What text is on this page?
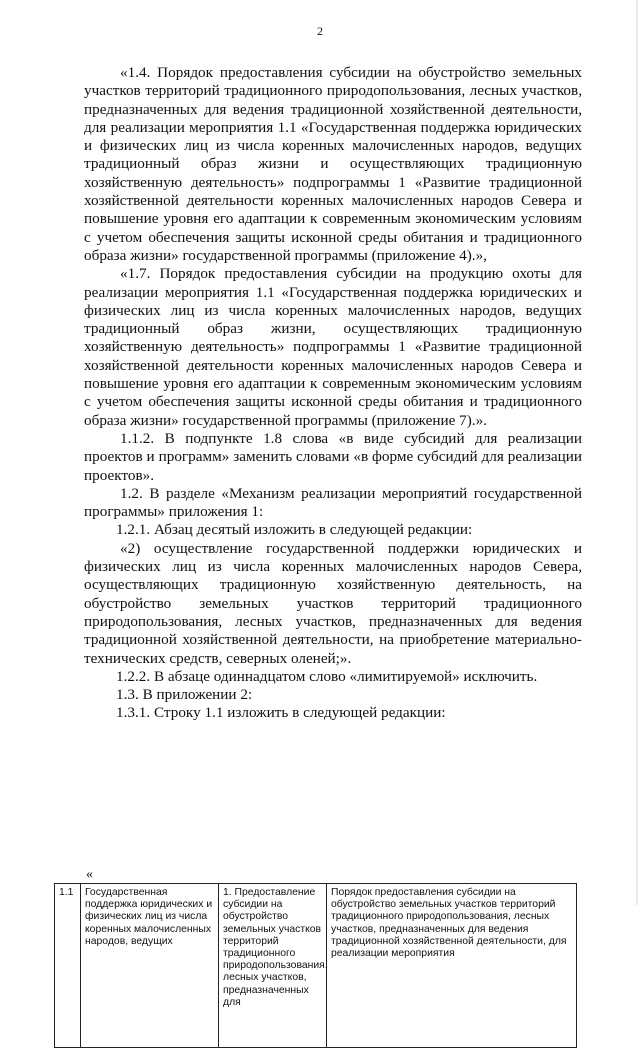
2

«1.4. Порядок предоставления субсидии на обустройство земельных участков территорий традиционного природопользования, лесных участков, предназначенных для ведения традиционной хозяйственной деятельности, для реализации мероприятия 1.1 «Государственная поддержка юридических и физических лиц из числа коренных малочисленных народов, ведущих традиционный образ жизни и осуществляющих традиционную хозяйственную деятельность» подпрограммы 1 «Развитие традиционной хозяйственной деятельности коренных малочисленных народов Севера и повышение уровня его адаптации к современным экономическим условиям с учетом обеспечения защиты исконной среды обитания и традиционного образа жизни» государственной программы (приложение 4).»,

«1.7. Порядок предоставления субсидии на продукцию охоты для реализации мероприятия 1.1 «Государственная поддержка юридических и физических лиц из числа коренных малочисленных народов, ведущих традиционный образ жизни, осуществляющих традиционную хозяйственную деятельность» подпрограммы 1 «Развитие традиционной хозяйственной деятельности коренных малочисленных народов Севера и повышение уровня его адаптации к современным экономическим условиям с учетом обеспечения защиты исконной среды обитания и традиционного образа жизни» государственной программы (приложение 7).».

1.1.2. В подпункте 1.8 слова «в виде субсидий для реализации проектов и программ» заменить словами «в форме субсидий для реализации проектов».

1.2. В разделе «Механизм реализации мероприятий государственной программы» приложения 1:

1.2.1. Абзац десятый изложить в следующей редакции:

«2) осуществление государственной поддержки юридических и физических лиц из числа коренных малочисленных народов Севера, осуществляющих традиционную хозяйственную деятельность, на обустройство земельных участков территорий традиционного природопользования, лесных участков, предназначенных для ведения традиционной хозяйственной деятельности, на приобретение материально-технических средств, северных оленей;».

1.2.2. В абзаце одиннадцатом слово «лимитируемой» исключить.

1.3. В приложении 2:

1.3.1. Строку 1.1 изложить в следующей редакции:

«
1.1	Государственная поддержка юридических и физических лиц из числа коренных малочисленных народов, ведущих	1. Предоставление субсидии на обустройство земельных участков территорий традиционного природопользования, лесных участков, предназначенных для	Порядок предоставления субсидии на обустройство земельных участков территорий традиционного природопользования, лесных участков, предназначенных для ведения традиционной хозяйственной деятельности, для реализации мероприятия
